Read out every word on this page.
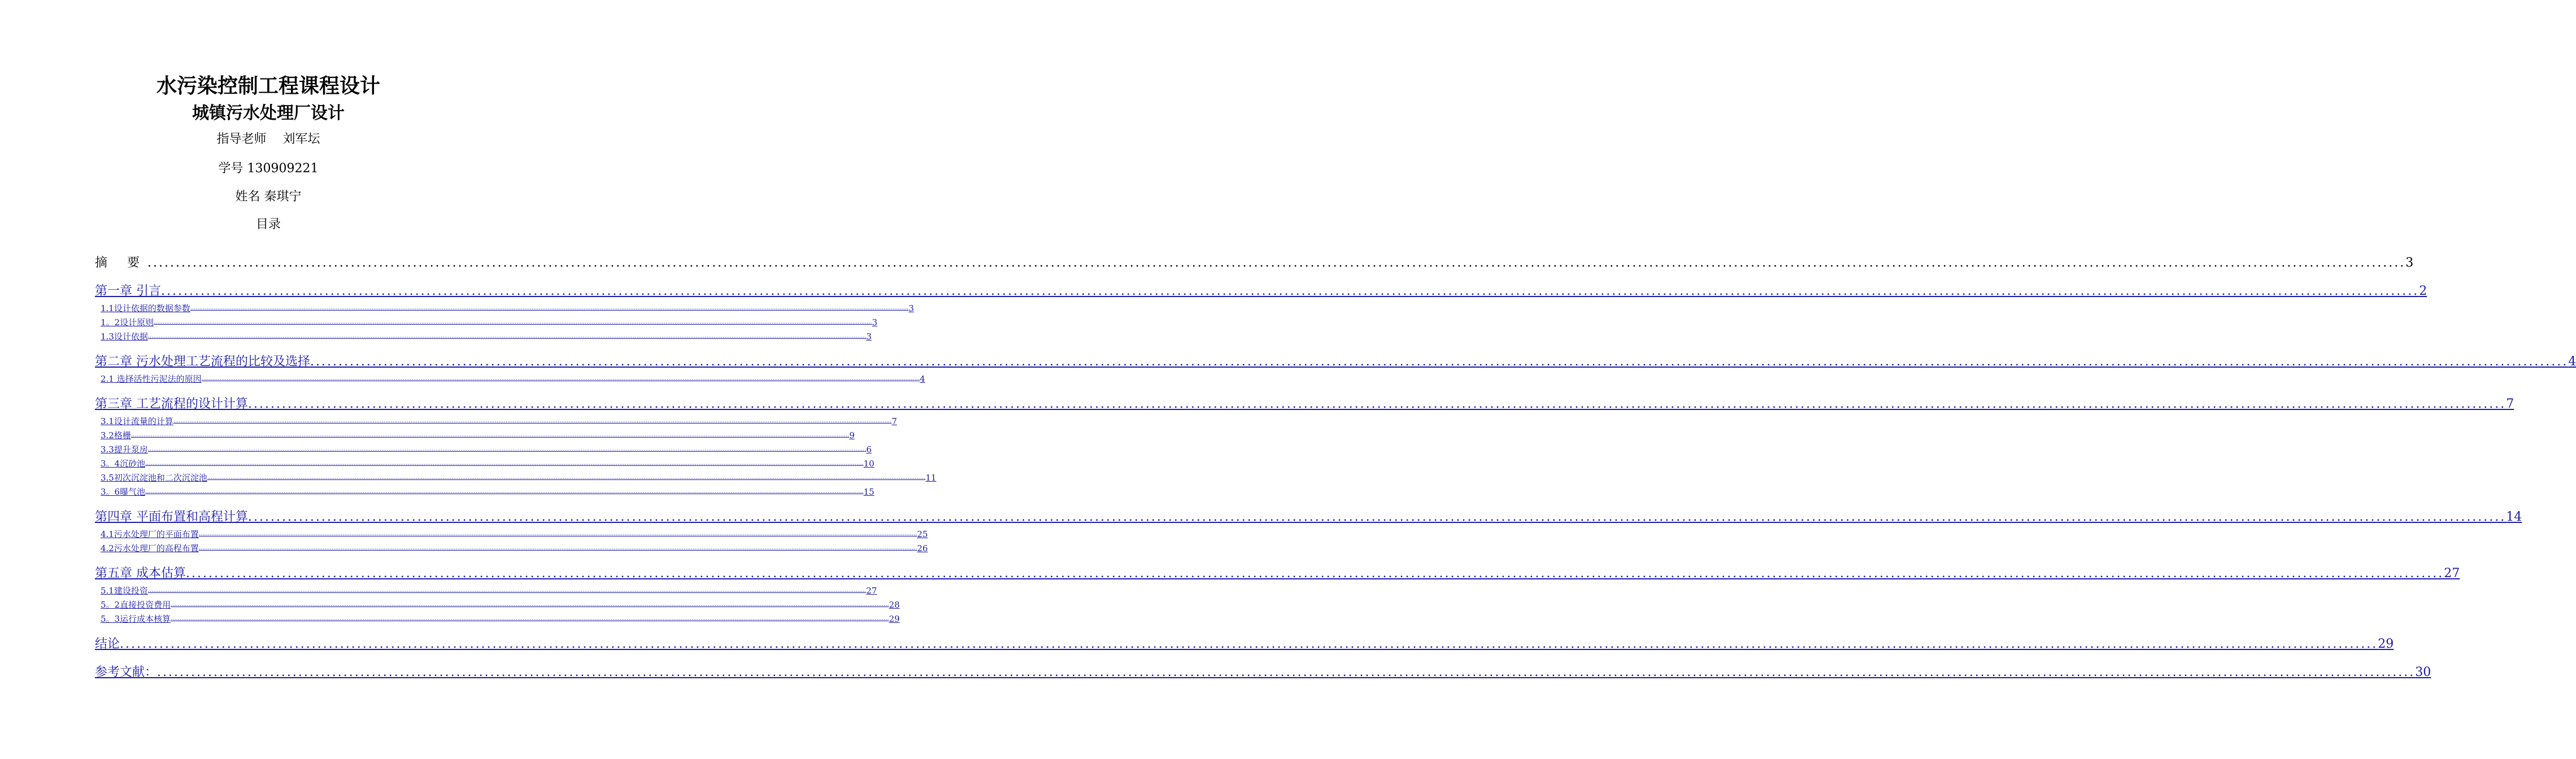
水污染控制工程课程设计
城镇污水处理厂设计
指导老师　 刘军坛
学号 130909221
姓名 秦琪宁
目录
摘 要 ................................................................................................................................................................................................................................................................................................................................................................................................................ 3
第一章 引言 ................................................................................................................................................................................................................................................................................................................................................................................................................ 2
1.1设计依据的数据参数 ................................................................................................................................................................................................................................................................................................................................................................................................................ 3
1。2设计原则 ................................................................................................................................................................................................................................................................................................................................................................................................................ 3
1.3设计依据 ................................................................................................................................................................................................................................................................................................................................................................................................................ 3
第二章 污水处理工艺流程的比较及选择 ................................................................................................................................................................................................................................................................................................................................................................................................................ 4
2.1 选择活性污泥法的原因 ................................................................................................................................................................................................................................................................................................................................................................................................................ 4
第三章 工艺流程的设计计算 ................................................................................................................................................................................................................................................................................................................................................................................................................ 7
3.1设计流量的计算 ................................................................................................................................................................................................................................................................................................................................................................................................................ 7
3.2格栅 ................................................................................................................................................................................................................................................................................................................................................................................................................ 9
3.3提升泵房 ................................................................................................................................................................................................................................................................................................................................................................................................................ 6
3。4沉砂池 ................................................................................................................................................................................................................................................................................................................................................................................................................ 10
3.5初次沉淀池和二次沉淀池 ................................................................................................................................................................................................................................................................................................................................................................................................................ 11
3。6曝气池 ................................................................................................................................................................................................................................................................................................................................................................................................................ 15
第四章 平面布置和高程计算 ................................................................................................................................................................................................................................................................................................................................................................................................................ 14
4.1污水处理厂的平面布置 ................................................................................................................................................................................................................................................................................................................................................................................................................ 25
4.2污水处理厂的高程布置 ................................................................................................................................................................................................................................................................................................................................................................................................................ 26
第五章 成本估算 ................................................................................................................................................................................................................................................................................................................................................................................................................ 27
5.1建设投资 ................................................................................................................................................................................................................................................................................................................................................................................................................ 27
5。2直接投资费用 ................................................................................................................................................................................................................................................................................................................................................................................................................ 28
5。3运行成本核算 ................................................................................................................................................................................................................................................................................................................................................................................................................ 29
结论 ................................................................................................................................................................................................................................................................................................................................................................................................................ 29
参考文献： ................................................................................................................................................................................................................................................................................................................................................................................................................ 30
